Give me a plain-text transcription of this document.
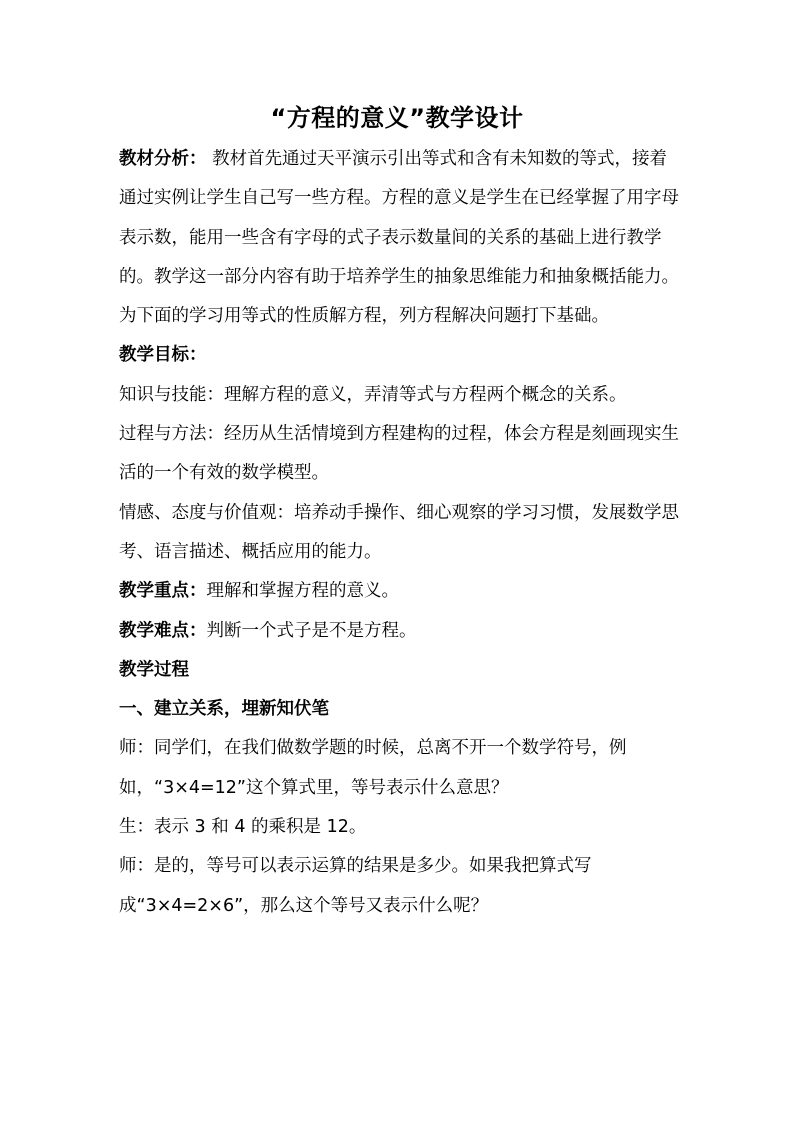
“方程的意义”教学设计

教材分析： 教材首先通过天平演示引出等式和含有未知数的等式，接着通过实例让学生自己写一些方程。方程的意义是学生在已经掌握了用字母表示数，能用一些含有字母的式子表示数量间的关系的基础上进行教学的。教学这一部分内容有助于培养学生的抽象思维能力和抽象概括能力。为下面的学习用等式的性质解方程，列方程解决问题打下基础。

教学目标：

知识与技能：理解方程的意义，弄清等式与方程两个概念的关系。

过程与方法：经历从生活情境到方程建构的过程，体会方程是刻画现实生活的一个有效的数学模型。

情感、态度与价值观：培养动手操作、细心观察的学习习惯，发展数学思考、语言描述、概括应用的能力。

教学重点：理解和掌握方程的意义。

教学难点：判断一个式子是不是方程。

教学过程

一、建立关系，埋新知伏笔

师：同学们，在我们做数学题的时候，总离不开一个数学符号，例如，“3×4=12”这个算式里，等号表示什么意思？

生：表示 3 和 4 的乘积是 12。

师：是的，等号可以表示运算的结果是多少。如果我把算式写成“3×4=2×6”，那么这个等号又表示什么呢？
